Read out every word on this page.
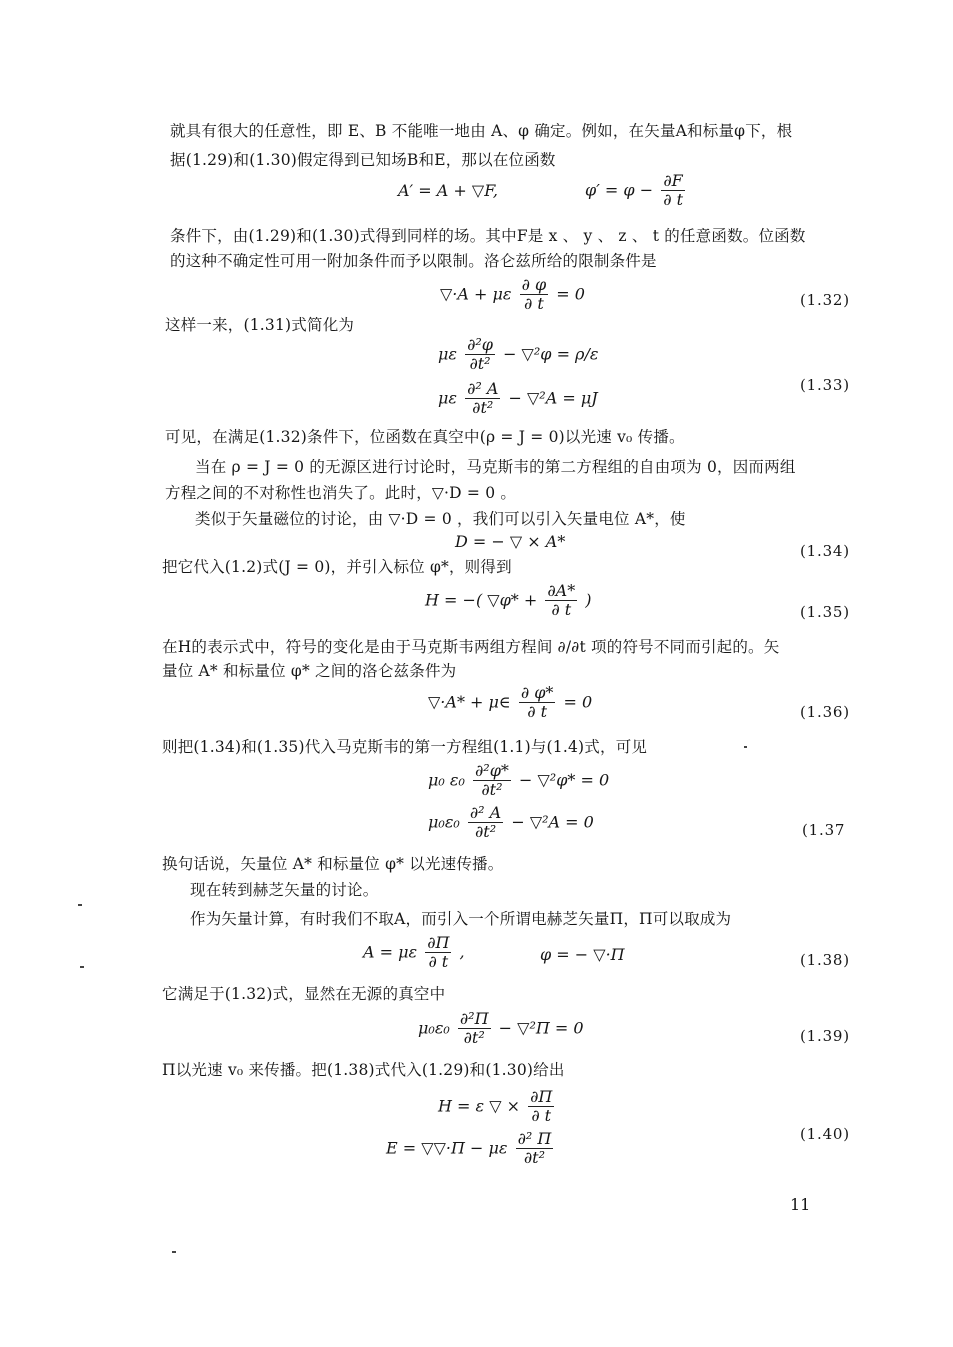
就具有很大的任意性，即 E、B 不能唯一地由 A、φ 确定。例如，在矢量A和标量φ下，根
据(1.29)和(1.30)假定得到已知场B和E，那以在位函数
A′ = A + ▽F,	$\varphi' = \varphi - \frac{\partial F}{\partial t}$
条件下，由(1.29)和(1.30)式得到同样的场。其中F是 x 、 y 、 z 、 t 的任意函数。位函数
的这种不确定性可用一附加条件而予以限制。洛仑兹所给的限制条件是
▽·A + με $\frac{\partial \varphi}{\partial t} = 0$	(1.32)
这样一来，(1.31)式简化为
με $\frac{\text{∂²φ}}{\text{∂t²}}$ − ▽²φ = ρ/ε
με $\frac{\text{∂² A}}{\text{∂t²}}$ − ▽²A = μJ
(1.33)
可见，在满足(1.32)条件下，位函数在真空中(ρ = J = 0)以光速 v₀ 传播。
当在 ρ = J = 0 的无源区进行讨论时，马克斯韦的第二方程组的自由项为 0，因而两组
方程之间的不对称性也消失了。此时，▽·D = 0 。
类似于矢量磁位的讨论，由 ▽·D = 0 ，我们可以引入矢量电位 A*，使
D = − ▽ × A*	(1.34)
把它代入(1.2)式(J = 0)，并引入标位 φ*，则得到
H = −( ▽φ* + $\frac{\partial A*}{\partial t}$ )
(1.35)
在H的表示式中，符号的变化是由于马克斯韦两组方程间 ∂/∂t 项的符号不同而引起的。矢
量位 A* 和标量位 φ* 之间的洛仑兹条件为
▽·A* + μ∈ $\frac{\partial \varphi*}{\partial t} = 0$
(1.36)
则把(1.34)和(1.35)代入马克斯韦的第一方程组(1.1)与(1.4)式，可见
μ₀ $\varepsilon_0 \frac{\text{∂²φ*}}{\text{∂t²}}$ − ▽²φ* = 0
$\mu_0\varepsilon_0 \frac{\text{∂² A}}{\text{∂t²}}$ − ▽²A = 0	(1.37
换句话说，矢量位 A* 和标量位 φ* 以光速传播。
现在转到赫芝矢量的讨论。
作为矢量计算，有时我们不取A，而引入一个所谓电赫芝矢量Π，Π可以取成为
A = με $\frac{\partial\Pi}{\partial t}$ ,	φ = − ▽·Π	(1.38)
它满足于(1.32)式，显然在无源的真空中
$\mu_0\varepsilon_0 \frac{\text{∂²Π}}{\text{∂t²}}$ − ▽²Π = 0	(1.39)
Π以光速 v₀ 来传播。把(1.38)式代入(1.29)和(1.30)给出
H = ε ▽ × $\frac{\partial\Pi}{\partial t}$
E = ▽▽·Π − με $\frac{\text{∂² Π}}{\text{∂t²}}$	(1.40)
11
